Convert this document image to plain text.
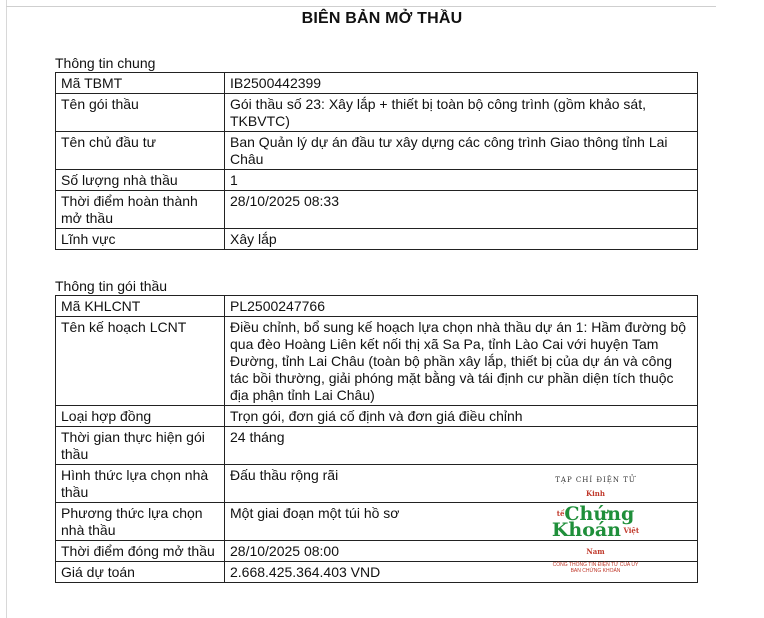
BIÊN BẢN MỞ THẦU
Thông tin chung
Mã TBMT	IB2500442399
Tên gói thầu	Gói thầu số 23: Xây lắp + thiết bị toàn bộ công trình (gồm khảo sát, TKBVTC)
Tên chủ đầu tư	Ban Quản lý dự án đầu tư xây dựng các công trình Giao thông tỉnh Lai Châu
Số lượng nhà thầu	1
Thời điểm hoàn thành mở thầu	28/10/2025 08:33
Lĩnh vực	Xây lắp
Thông tin gói thầu
Mã KHLCNT	PL2500247766
Tên kế hoạch LCNT	Điều chỉnh, bổ sung kế hoạch lựa chọn nhà thầu dự án 1: Hầm đường bộ qua đèo Hoàng Liên kết nối thị xã Sa Pa, tỉnh Lào Cai với huyện Tam Đường, tỉnh Lai Châu (toàn bộ phần xây lắp, thiết bị của dự án và công tác bồi thường, giải phóng mặt bằng và tái định cư phần diện tích thuộc địa phận tỉnh Lai Châu)
Loại hợp đồng	Trọn gói, đơn giá cố định và đơn giá điều chỉnh
Thời gian thực hiện gói thầu	24 tháng
Hình thức lựa chọn nhà thầu	Đấu thầu rộng rãi
Phương thức lựa chọn nhà thầu	Một giai đoạn một túi hồ sơ
Thời điểm đóng mở thầu	28/10/2025 08:00
Giá dự toán	2.668.425.364.403 VND
TẠP CHÍ ĐIỆN TỬ
$^{Kinh tế}$Chứng
Khoán Việt Nam
CỔNG THÔNG TIN ĐIỆN TỬ CỦA ỦY BAN CHỨNG KHOÁN
